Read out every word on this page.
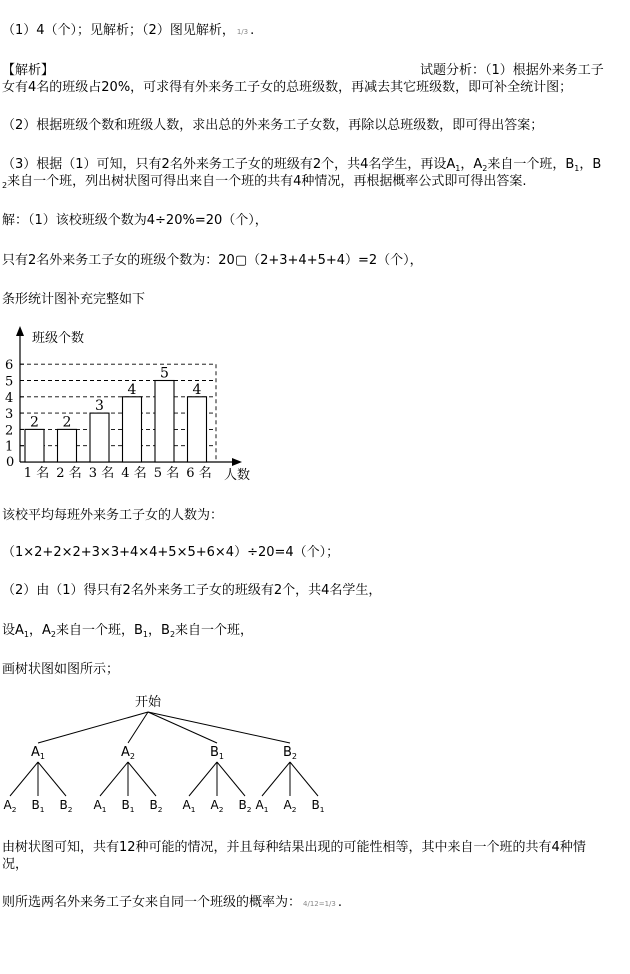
（1）4（个）；见解析；（2）图见解析， 1/3 .
【解析】	试题分析：（1）根据外来务工子
女有4名的班级占20%，可求得有外来务工子女的总班级数，再减去其它班级数，即可补全统计图；
（2）根据班级个数和班级人数，求出总的外来务工子女数，再除以总班级数，即可得出答案；
（3）根据（1）可知，只有2名外来务工子女的班级有2个，共4名学生，再设$A_1$，$A_2$来自一个班，$B_1$，B
$_2$来自一个班，列出树状图可得出来自一个班的共有4种情况，再根据概率公式即可得出答案.
解：（1）该校班级个数为4÷20%=20（个），
只有2名外来务工子女的班级个数为：20▢（2+3+4+5+4）=2（个），
条形统计图补充完整如下
班级个数
人数
0
1
2
3
4
5
6
2
1 名
2
2 名
3
3 名
4
4 名
5
5 名
4
6 名
该校平均每班外来务工子女的人数为：
（1×2+2×2+3×3+4×4+5×5+6×4）÷20=4（个）；
（2）由（1）得只有2名外来务工子女的班级有2个，共4名学生，
设$A_1$，$A_2$来自一个班，$B_1$，$B_2$来自一个班，
画树状图如图所示；
开始
$A_1$
$A_2$ $B_1$ $B_2$
$A_2$
$A_1$ $B_1$ $B_2$
$B_1$
$A_1$ $A_2$ $B_2$
$B_2$
$A_1$ $A_2$ $B_1$
由树状图可知，共有12种可能的情况，并且每种结果出现的可能性相等，其中来自一个班的共有4种情
况，
则所选两名外来务工子女来自同一个班级的概率为： 4/12=1/3 .
